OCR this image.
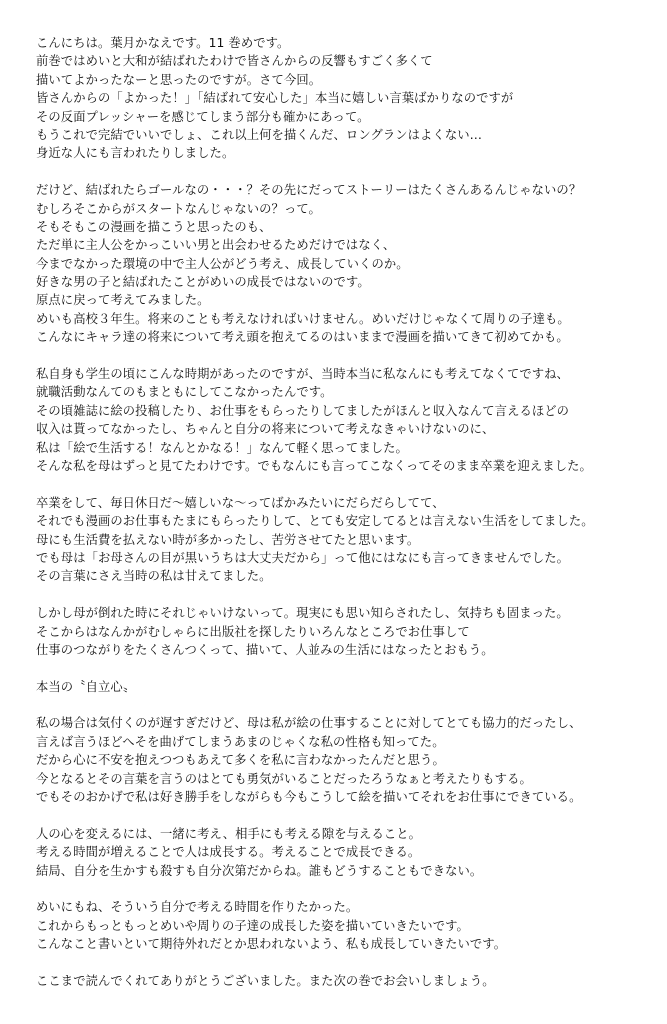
こんにちは。葉月かなえです。11 巻めです。
前巻ではめいと大和が結ばれたわけで皆さんからの反響もすごく多くて
描いてよかったなーと思ったのですが。さて今回。
皆さんからの「よかった！」「結ばれて安心した」本当に嬉しい言葉ばかりなのですが
その反面プレッシャーを感じてしまう部分も確かにあって。
もうこれで完結でいいでしょ、これ以上何を描くんだ、ロングランはよくない…
身近な人にも言われたりしました。
だけど、結ばれたらゴールなの・・・？その先にだってストーリーはたくさんあるんじゃないの？
むしろそこからがスタートなんじゃないの？って。
そもそもこの漫画を描こうと思ったのも、
ただ単に主人公をかっこいい男と出会わせるためだけではなく、
今までなかった環境の中で主人公がどう考え、成長していくのか。
好きな男の子と結ばれたことがめいの成長ではないのです。
原点に戻って考えてみました。
めいも高校３年生。将来のことも考えなければいけません。めいだけじゃなくて周りの子達も。
こんなにキャラ達の将来について考え頭を抱えてるのはいままで漫画を描いてきて初めてかも。
私自身も学生の頃にこんな時期があったのですが、当時本当に私なんにも考えてなくてですね、
就職活動なんてのもまともにしてこなかったんです。
その頃雑誌に絵の投稿したり、お仕事をもらったりしてましたがほんと収入なんて言えるほどの
収入は貰ってなかったし、ちゃんと自分の将来について考えなきゃいけないのに、
私は「絵で生活する！なんとかなる！」なんて軽く思ってました。
そんな私を母はずっと見てたわけです。でもなんにも言ってこなくってそのまま卒業を迎えました。
卒業をして、毎日休日だ〜嬉しいな〜ってばかみたいにだらだらしてて、
それでも漫画のお仕事もたまにもらったりして、とても安定してるとは言えない生活をしてました。
母にも生活費を払えない時が多かったし、苦労させてたと思います。
でも母は「お母さんの目が黒いうちは大丈夫だから」って他にはなにも言ってきませんでした。
その言葉にさえ当時の私は甘えてました。
しかし母が倒れた時にそれじゃいけないって。現実にも思い知らされたし、気持ちも固まった。
そこからはなんかがむしゃらに出版社を探したりいろんなところでお仕事して
仕事のつながりをたくさんつくって、描いて、人並みの生活にはなったとおもう。
本当の〝自立心〟
私の場合は気付くのが遅すぎだけど、母は私が絵の仕事することに対してとても協力的だったし、
言えば言うほどへそを曲げてしまうあまのじゃくな私の性格も知ってた。
だから心に不安を抱えつつもあえて多くを私に言わなかったんだと思う。
今となるとその言葉を言うのはとても勇気がいることだったろうなぁと考えたりもする。
でもそのおかげで私は好き勝手をしながらも今もこうして絵を描いてそれをお仕事にできている。
人の心を変えるには、一緒に考え、相手にも考える隙を与えること。
考える時間が増えることで人は成長する。考えることで成長できる。
結局、自分を生かすも殺すも自分次第だからね。誰もどうすることもできない。
めいにもね、そういう自分で考える時間を作りたかった。
これからもっともっとめいや周りの子達の成長した姿を描いていきたいです。
こんなこと書いといて期待外れだとか思われないよう、私も成長していきたいです。
ここまで読んでくれてありがとうございました。また次の巻でお会いしましょう。
